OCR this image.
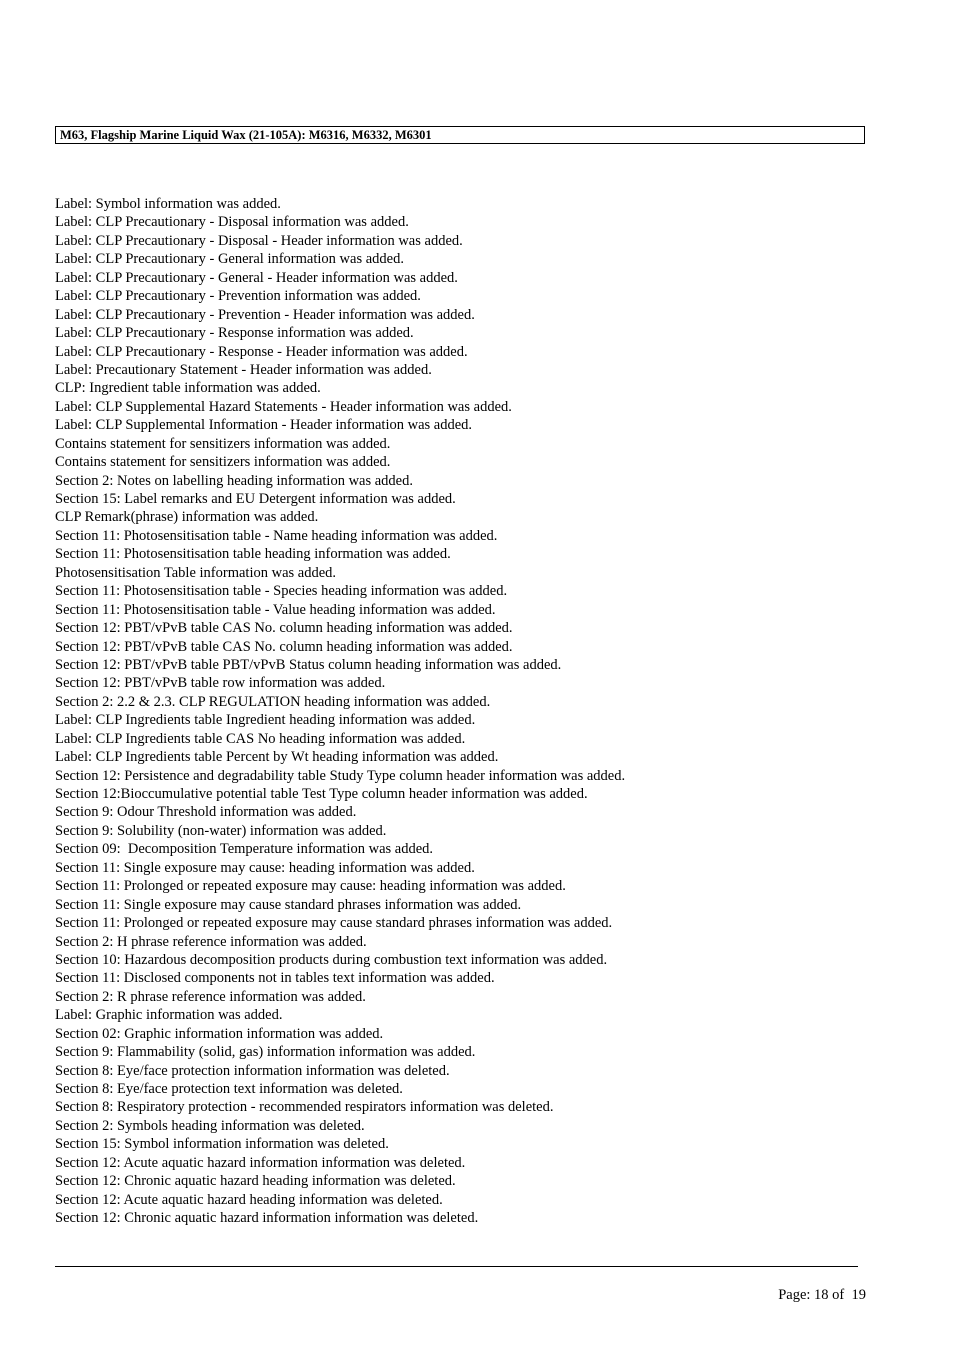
M63, Flagship Marine Liquid Wax (21-105A): M6316, M6332, M6301
Label: Symbol information was added.
Label: CLP Precautionary - Disposal information was added.
Label: CLP Precautionary - Disposal - Header information was added.
Label: CLP Precautionary - General information was added.
Label: CLP Precautionary - General - Header information was added.
Label: CLP Precautionary - Prevention information was added.
Label: CLP Precautionary - Prevention - Header information was added.
Label: CLP Precautionary - Response information was added.
Label: CLP Precautionary - Response - Header information was added.
Label: Precautionary Statement - Header information was added.
CLP: Ingredient table information was added.
Label: CLP Supplemental Hazard Statements - Header information was added.
Label: CLP Supplemental Information - Header information was added.
Contains statement for sensitizers information was added.
Contains statement for sensitizers information was added.
Section 2: Notes on labelling heading information was added.
Section 15: Label remarks and EU Detergent information was added.
CLP Remark(phrase) information was added.
Section 11: Photosensitisation table - Name heading information was added.
Section 11: Photosensitisation table heading information was added.
Photosensitisation Table information was added.
Section 11: Photosensitisation table - Species heading information was added.
Section 11: Photosensitisation table - Value heading information was added.
Section 12: PBT/vPvB table CAS No. column heading information was added.
Section 12: PBT/vPvB table CAS No. column heading information was added.
Section 12: PBT/vPvB table PBT/vPvB Status column heading information was added.
Section 12: PBT/vPvB table row information was added.
Section 2: 2.2 & 2.3. CLP REGULATION heading information was added.
Label: CLP Ingredients table Ingredient heading information was added.
Label: CLP Ingredients table CAS No heading information was added.
Label: CLP Ingredients table Percent by Wt heading information was added.
Section 12: Persistence and degradability table Study Type column header information was added.
Section 12:Bioccumulative potential table Test Type column header information was added.
Section 9: Odour Threshold information was added.
Section 9: Solubility (non-water) information was added.
Section 09:  Decomposition Temperature information was added.
Section 11: Single exposure may cause: heading information was added.
Section 11: Prolonged or repeated exposure may cause: heading information was added.
Section 11: Single exposure may cause standard phrases information was added.
Section 11: Prolonged or repeated exposure may cause standard phrases information was added.
Section 2: H phrase reference information was added.
Section 10: Hazardous decomposition products during combustion text information was added.
Section 11: Disclosed components not in tables text information was added.
Section 2: R phrase reference information was added.
Label: Graphic information was added.
Section 02: Graphic information information was added.
Section 9: Flammability (solid, gas) information information was added.
Section 8: Eye/face protection information information was deleted.
Section 8: Eye/face protection text information was deleted.
Section 8: Respiratory protection - recommended respirators information was deleted.
Section 2: Symbols heading information was deleted.
Section 15: Symbol information information was deleted.
Section 12: Acute aquatic hazard information information was deleted.
Section 12: Chronic aquatic hazard heading information was deleted.
Section 12: Acute aquatic hazard heading information was deleted.
Section 12: Chronic aquatic hazard information information was deleted.
Page: 18 of  19
